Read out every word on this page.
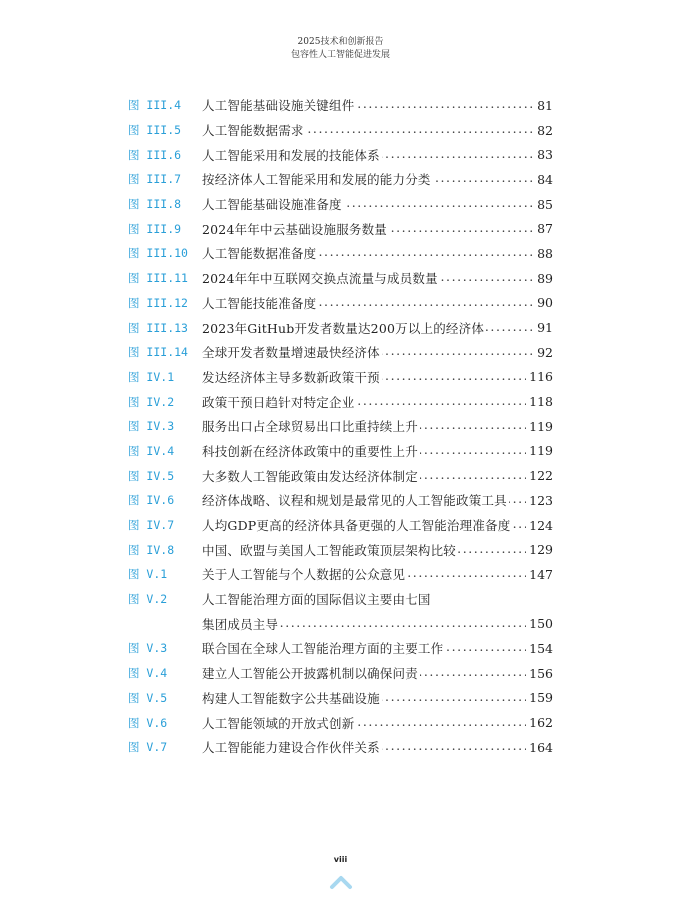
2025技术和创新报告
包容性人工智能促进发展
图 III.4	人工智能基础设施关键组件 . . .	81
图 III.5	人工智能数据需求 . . .	82
图 III.6	人工智能采用和发展的技能体系 . . .	83
图 III.7	按经济体人工智能采用和发展的能力分类 . . .	84
图 III.8	人工智能基础设施准备度 . . .	85
图 III.9	2024年年中云基础设施服务数量 . . .	87
图 III.10	人工智能数据准备度 . . .	88
图 III.11	2024年年中互联网交换点流量与成员数量 . . .	89
图 III.12	人工智能技能准备度 . . .	90
图 III.13	2023年GitHub开发者数量达200万以上的经济体 . . .	91
图 III.14	全球开发者数量增速最快经济体 . . .	92
图 IV.1	发达经济体主导多数新政策干预 . . .	116
图 IV.2	政策干预日趋针对特定企业 . . .	118
图 IV.3	服务出口占全球贸易出口比重持续上升 . . .	119
图 IV.4	科技创新在经济体政策中的重要性上升 . . .	119
图 IV.5	大多数人工智能政策由发达经济体制定 . . .	122
图 IV.6	经济体战略、议程和规划是最常见的人工智能政策工具 . . .	123
图 IV.7	人均GDP更高的经济体具备更强的人工智能治理准备度 . . .	124
图 IV.8	中国、欧盟与美国人工智能政策顶层架构比较 . . .	129
图 V.1	关于人工智能与个人数据的公众意见 . . .	147
图 V.2	人工智能治理方面的国际倡议主要由七国
集团成员主导 . . .	150
图 V.3	联合国在全球人工智能治理方面的主要工作 . . .	154
图 V.4	建立人工智能公开披露机制以确保问责 . . .	156
图 V.5	构建人工智能数字公共基础设施 . . .	159
图 V.6	人工智能领域的开放式创新 . . .	162
图 V.7	人工智能能力建设合作伙伴关系 . . .	164
viii
